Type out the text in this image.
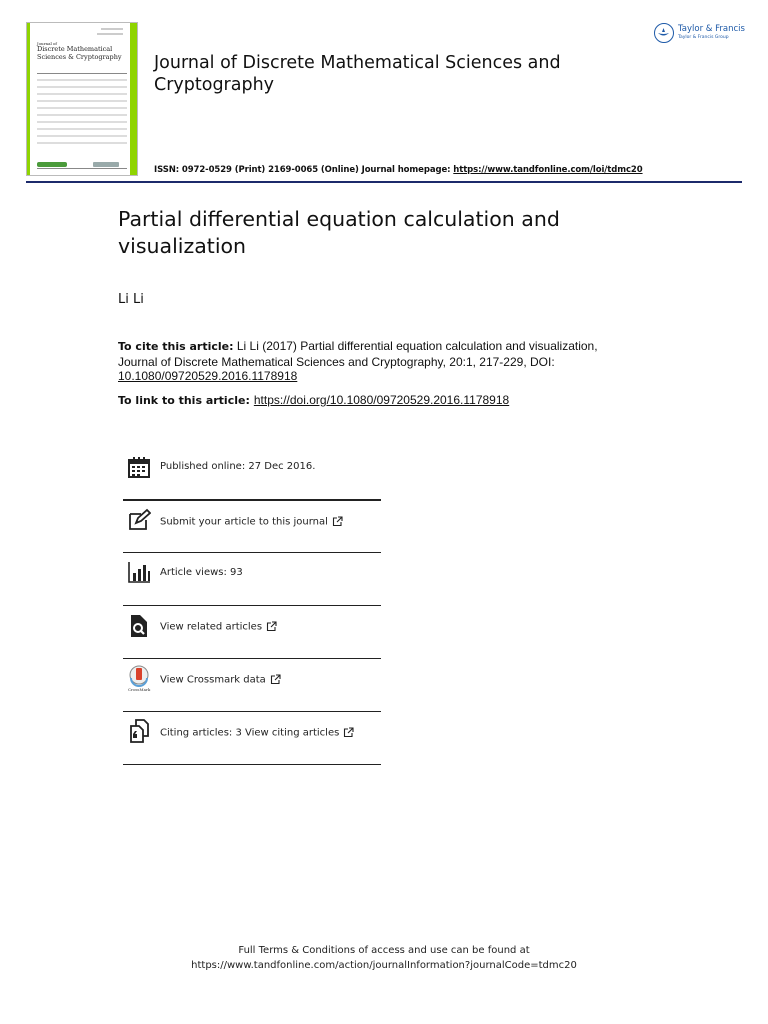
Journal of
Discrete Mathematical Sciences & Cryptography Journal of Discrete Mathematical Sciences and Cryptography
ISSN: 0972-0529 (Print) 2169-0065 (Online) Journal homepage: https://www.tandfonline.com/loi/tdmc20
Taylor & Francis
Taylor & Francis Group
Partial differential equation calculation and visualization
Li Li
To cite this article: Li Li (2017) Partial differential equation calculation and visualization, Journal of Discrete Mathematical Sciences and Cryptography, 20:1, 217-229, DOI: 10.1080/09720529.2016.1178918
To link to this article: https://doi.org/10.1080/09720529.2016.1178918
Published online: 27 Dec 2016.
Submit your article to this journal
Article views: 93
View related articles
CrossMark
View Crossmark data
Citing articles: 3 View citing articles
Full Terms & Conditions of access and use can be found at
https://www.tandfonline.com/action/journalInformation?journalCode=tdmc20
